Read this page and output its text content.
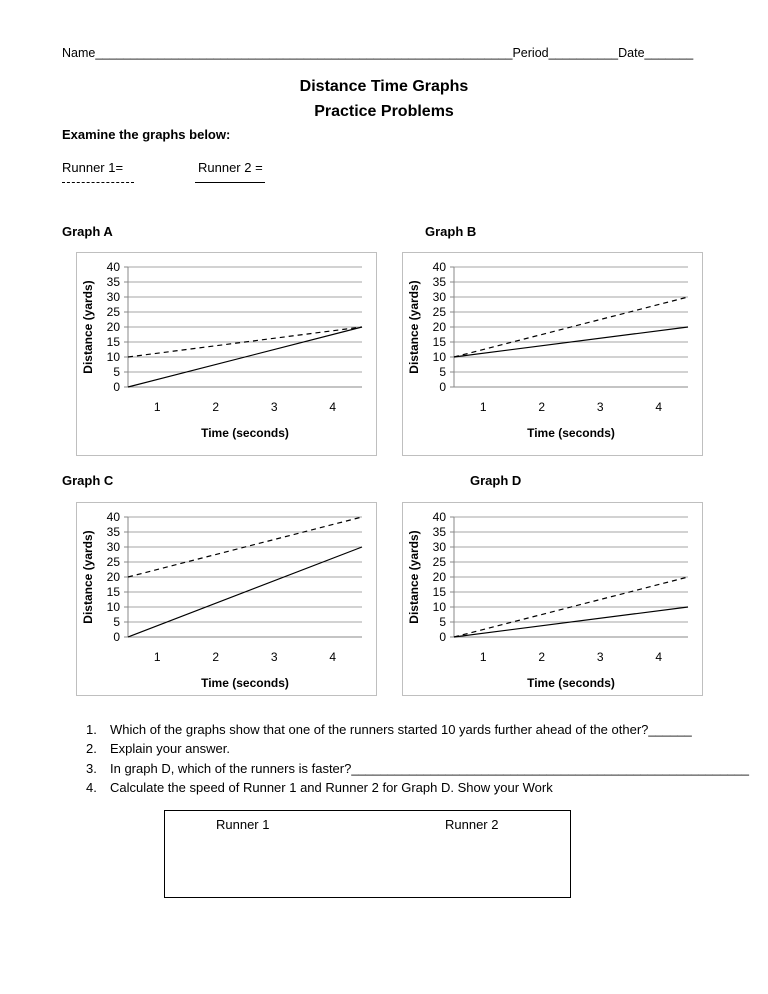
Name____________________________________________________________Period__________Date_______
Distance Time Graphs
Practice Problems
Examine the graphs below:
Runner 1=	Runner 2 =
Graph A	Graph B
Graph C	Graph D
0
5
10
15
20
25
30
35
40
1	2	3	4
Time (seconds)
Distance (yards)
0
5
10
15
20
25
30
35
40
1	2	3	4
Time (seconds)
Distance (yards)
0
5
10
15
20
25
30
35
40
1	2	3	4
Time (seconds)
Distance (yards)
0
5
10
15
20
25
30
35
40
1	2	3	4
Time (seconds)
Distance (yards)
1. Which of the graphs show that one of the runners started 10 yards further ahead of the other?______
2. Explain your answer.
3. In graph D, which of the runners is faster?_______________________________________________________
4. Calculate the speed of Runner 1 and Runner 2 for Graph D. Show your Work
Runner 1	Runner 2
